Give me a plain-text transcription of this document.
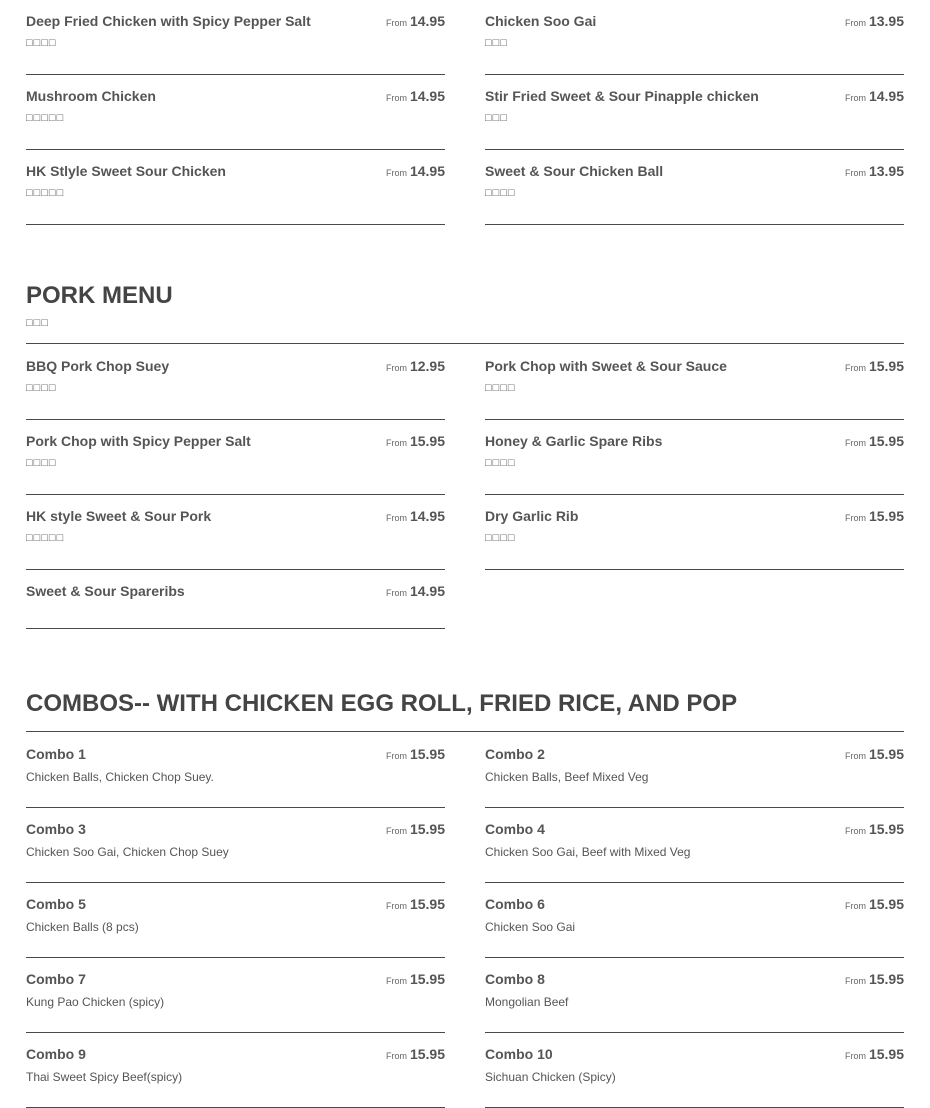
Deep Fried Chicken with Spicy Pepper Salt	From 14.95
□□□□
Mushroom Chicken	From 14.95
□□□□□
HK Stlyle Sweet Sour Chicken	From 14.95
□□□□□
Chicken Soo Gai	From 13.95
□□□
Stir Fried Sweet & Sour Pinapple chicken	From 14.95
□□□
Sweet & Sour Chicken Ball	From 13.95
□□□□
PORK MENU
□□□
BBQ Pork Chop Suey	From 12.95
□□□□
Pork Chop with Spicy Pepper Salt	From 15.95
□□□□
HK style Sweet & Sour Pork	From 14.95
□□□□□
Sweet & Sour Spareribs	From 14.95
Pork Chop with Sweet & Sour Sauce	From 15.95
□□□□
Honey & Garlic Spare Ribs	From 15.95
□□□□
Dry Garlic Rib	From 15.95
□□□□
COMBOS-- WITH CHICKEN EGG ROLL, FRIED RICE, AND POP
Combo 1	From 15.95
Chicken Balls, Chicken Chop Suey.
Combo 3	From 15.95
Chicken Soo Gai, Chicken Chop Suey
Combo 5	From 15.95
Chicken Balls (8 pcs)
Combo 7	From 15.95
Kung Pao Chicken (spicy)
Combo 9	From 15.95
Thai Sweet Spicy Beef(spicy)
Combo 2	From 15.95
Chicken Balls, Beef Mixed Veg
Combo 4	From 15.95
Chicken Soo Gai, Beef with Mixed Veg
Combo 6	From 15.95
Chicken Soo Gai
Combo 8	From 15.95
Mongolian Beef
Combo 10	From 15.95
Sichuan Chicken (Spicy)
